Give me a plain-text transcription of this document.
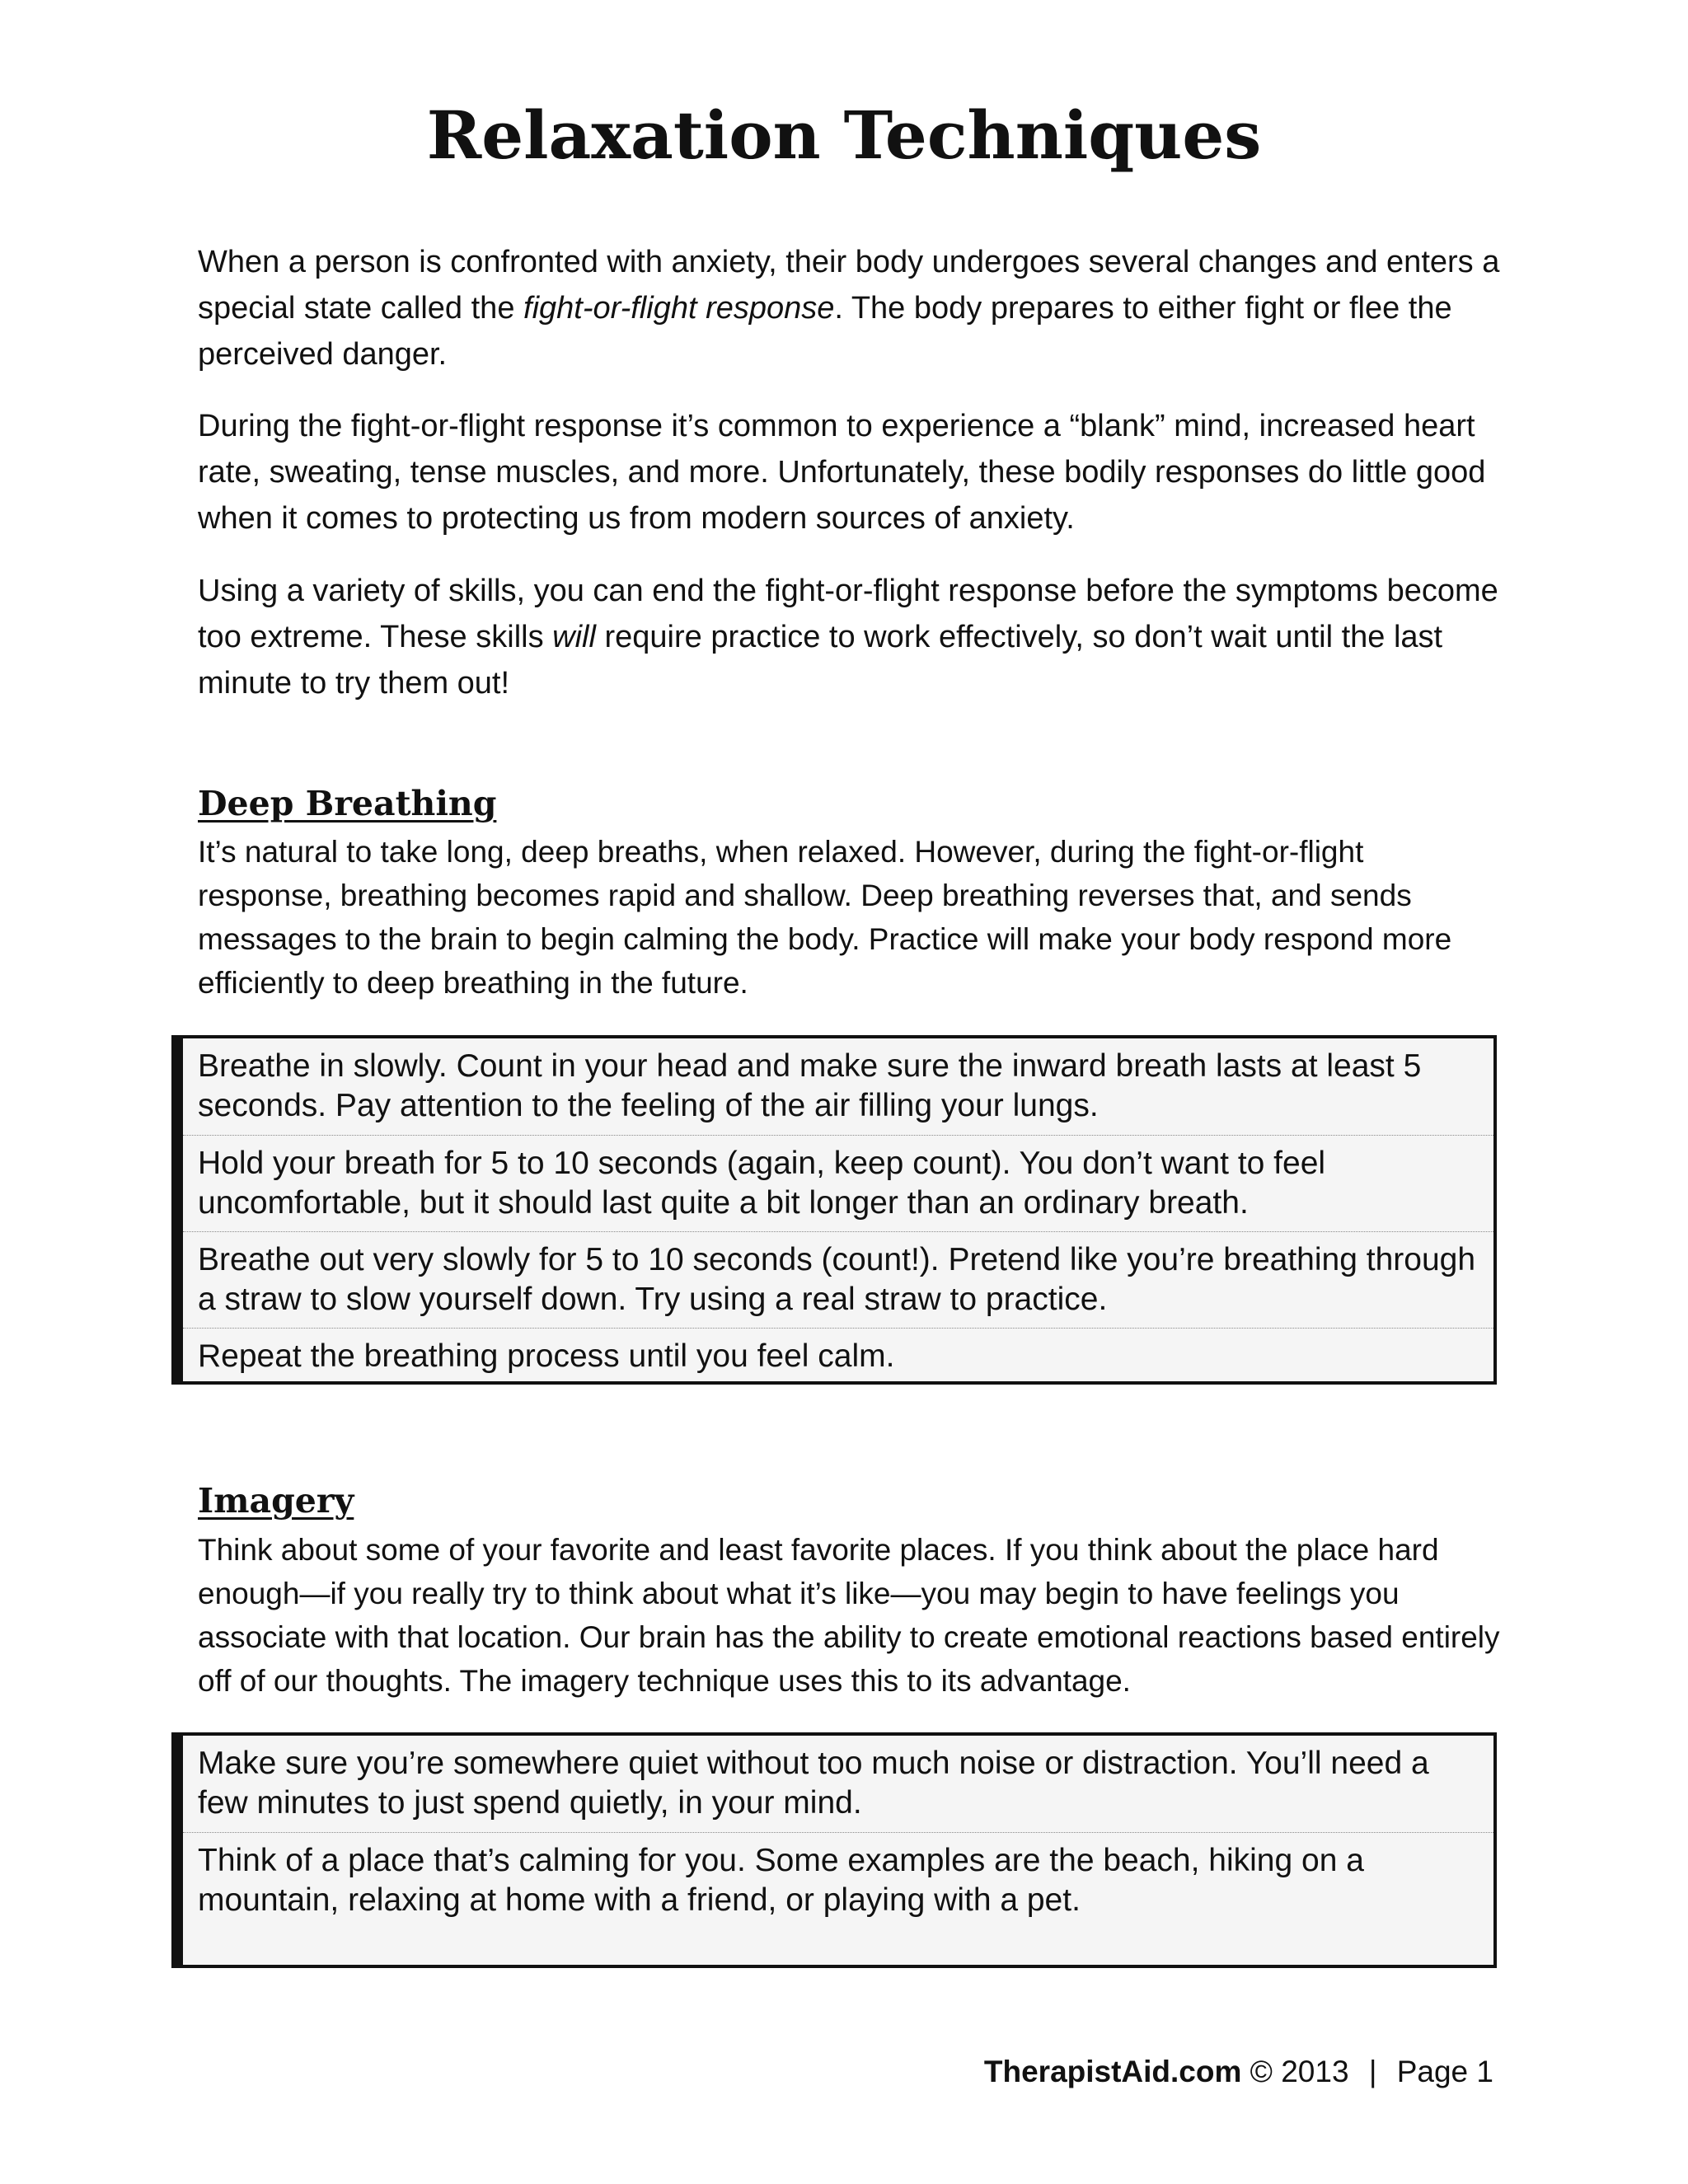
Relaxation Techniques

When a person is confronted with anxiety, their body undergoes several changes and enters a special state called the fight-or-flight response. The body prepares to either fight or flee the perceived danger.

During the fight-or-flight response it’s common to experience a “blank” mind, increased heart rate, sweating, tense muscles, and more. Unfortunately, these bodily responses do little good when it comes to protecting us from modern sources of anxiety.

Using a variety of skills, you can end the fight-or-flight response before the symptoms become too extreme. These skills will require practice to work effectively, so don’t wait until the last minute to try them out!

Deep Breathing

It’s natural to take long, deep breaths, when relaxed. However, during the fight-or-flight response, breathing becomes rapid and shallow. Deep breathing reverses that, and sends messages to the brain to begin calming the body. Practice will make your body respond more efficiently to deep breathing in the future.

Breathe in slowly. Count in your head and make sure the inward breath lasts at least 5 seconds. Pay attention to the feeling of the air filling your lungs.
Hold your breath for 5 to 10 seconds (again, keep count). You don’t want to feel uncomfortable, but it should last quite a bit longer than an ordinary breath.
Breathe out very slowly for 5 to 10 seconds (count!). Pretend like you’re breathing through a straw to slow yourself down. Try using a real straw to practice.
Repeat the breathing process until you feel calm.
Imagery

Think about some of your favorite and least favorite places. If you think about the place hard enough—if you really try to think about what it’s like—you may begin to have feelings you associate with that location. Our brain has the ability to create emotional reactions based entirely off of our thoughts. The imagery technique uses this to its advantage.

Make sure you’re somewhere quiet without too much noise or distraction. You’ll need a few minutes to just spend quietly, in your mind.
Think of a place that’s calming for you. Some examples are the beach, hiking on a mountain, relaxing at home with a friend, or playing with a pet.
TherapistAid.com © 2013 | Page 1
